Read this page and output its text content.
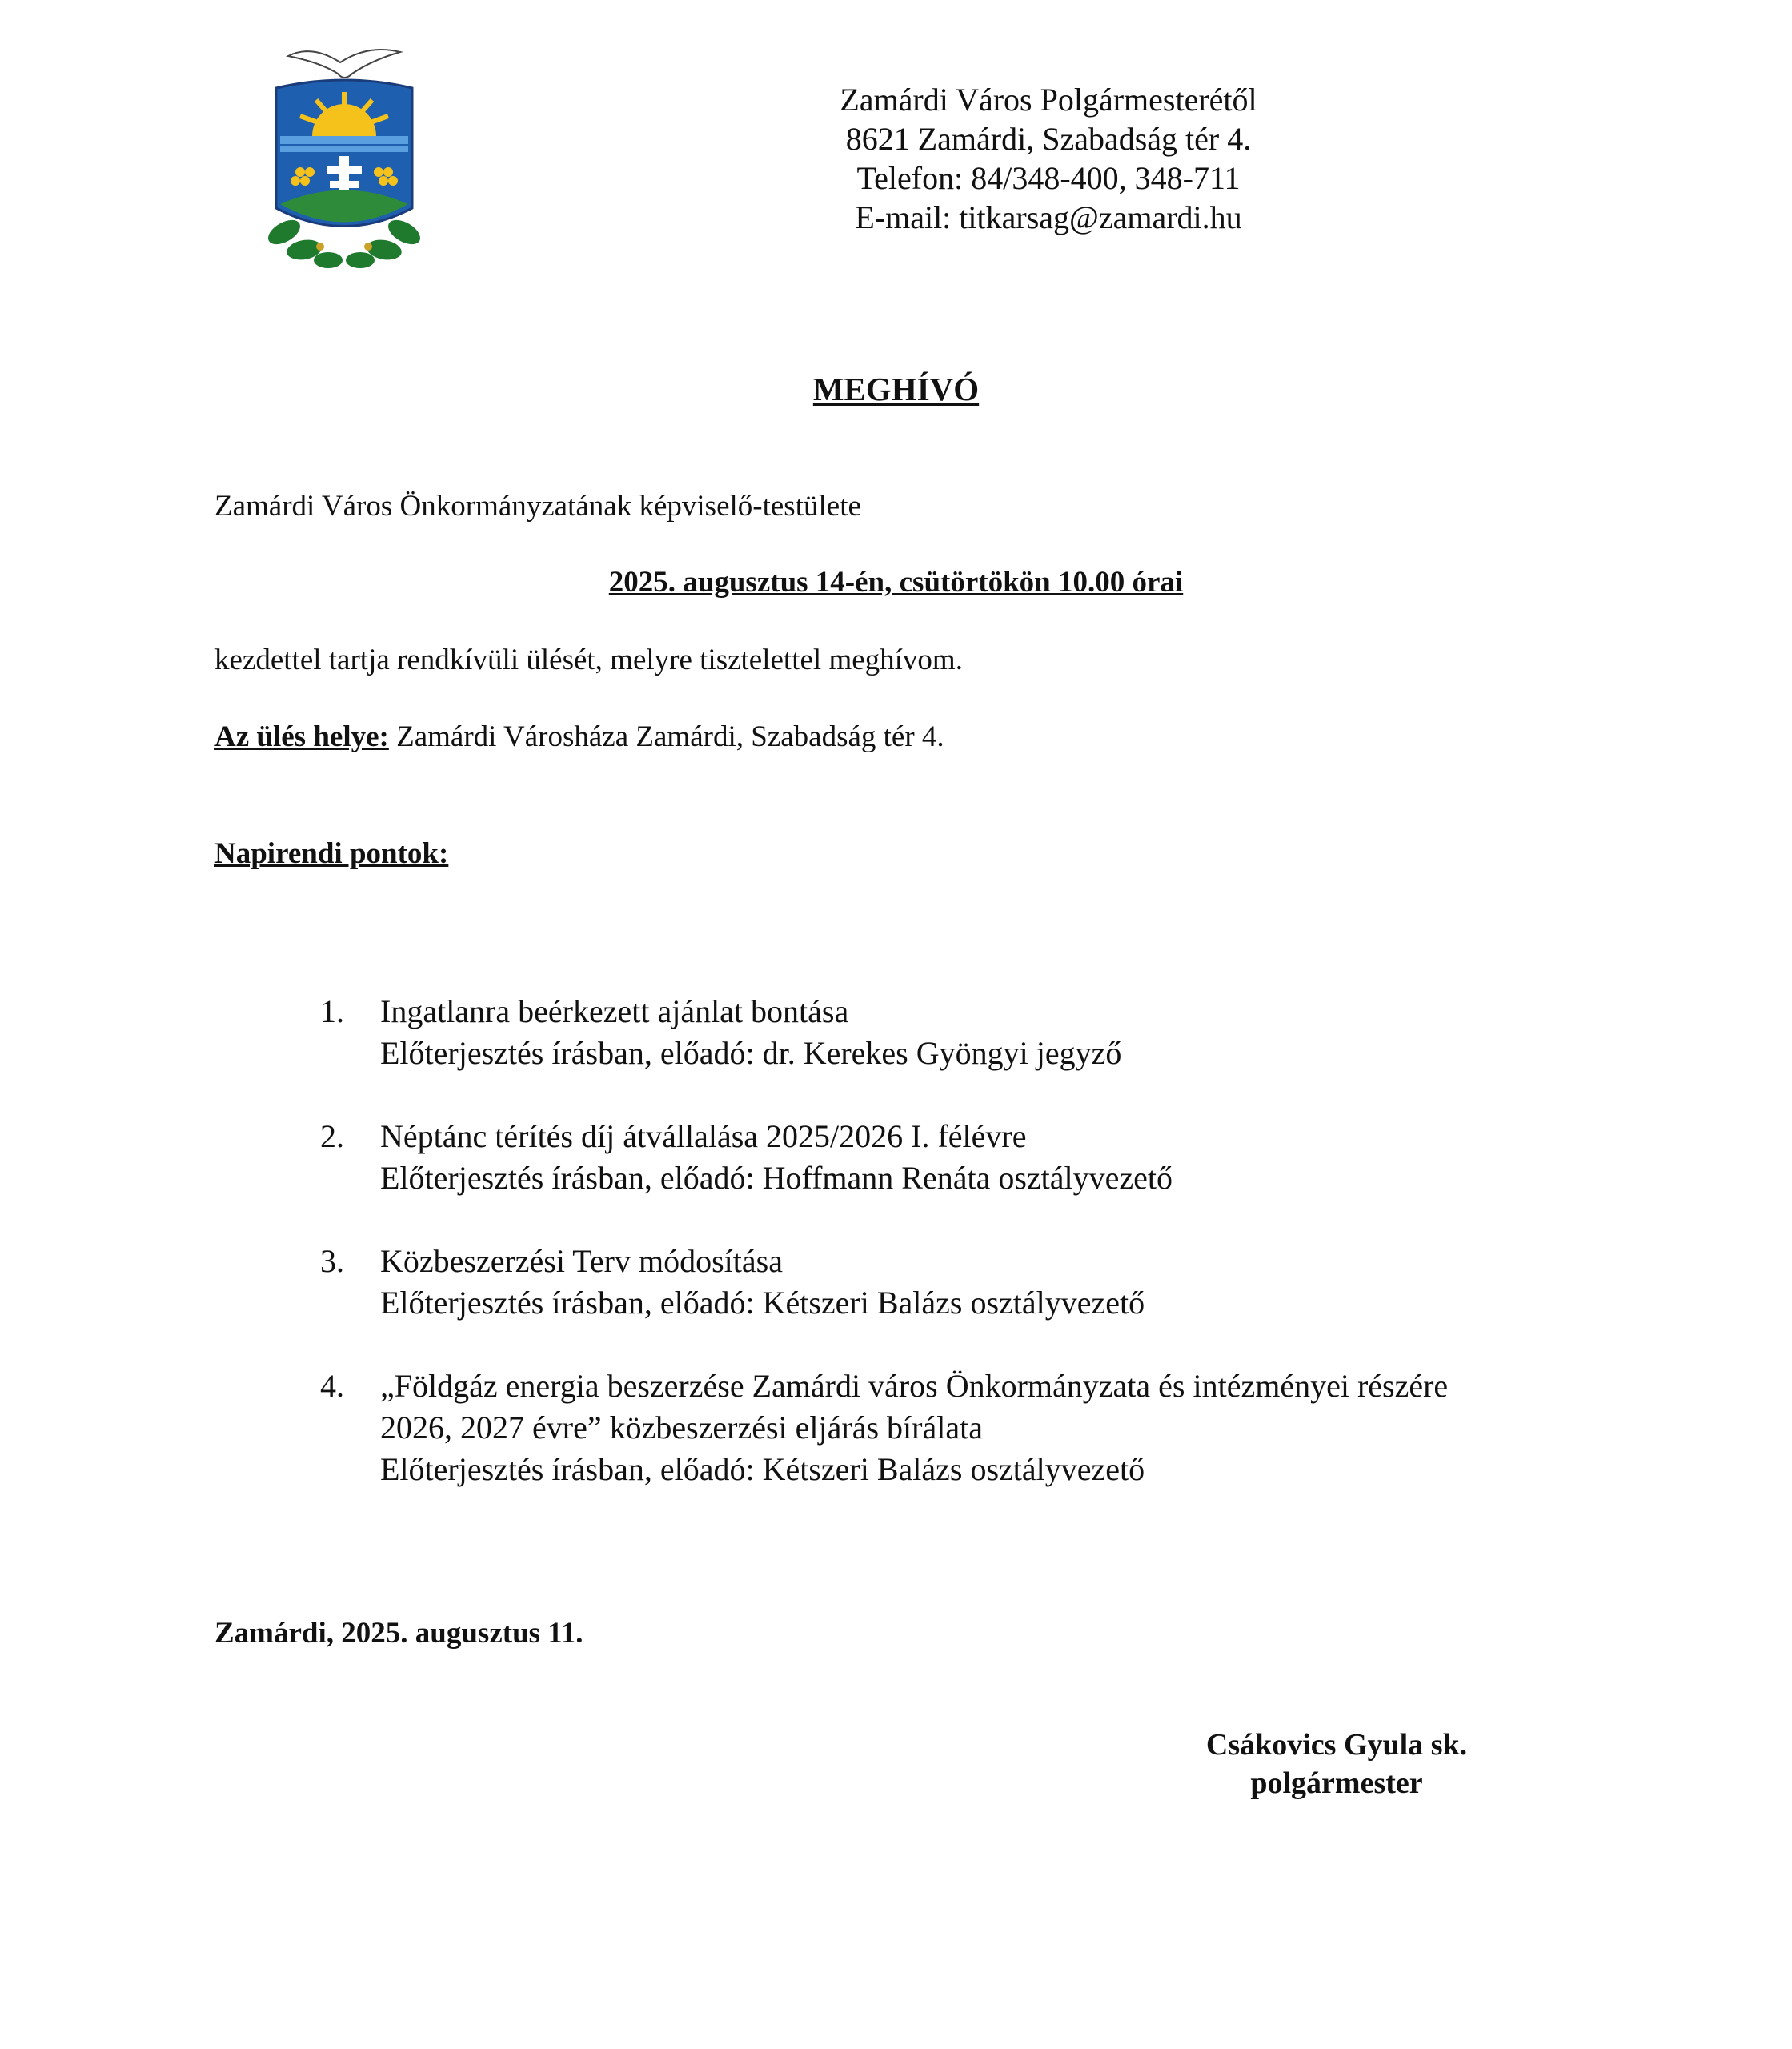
Zamárdi Város Polgármesterétől
8621 Zamárdi, Szabadság tér 4.
Telefon: 84/348-400, 348-711
E-mail: titkarsag@zamardi.hu
MEGHÍVÓ
Zamárdi Város Önkormányzatának képviselő-testülete
2025. augusztus 14-én, csütörtökön 10.00 órai
kezdettel tartja rendkívüli ülését, melyre tisztelettel meghívom.
Az ülés helye: Zamárdi Városháza Zamárdi, Szabadság tér 4.
Napirendi pontok:
1. Ingatlanra beérkezett ajánlat bontása
Előterjesztés írásban, előadó: dr. Kerekes Gyöngyi jegyző
2. Néptánc térítés díj átvállalása 2025/2026 I. félévre
Előterjesztés írásban, előadó: Hoffmann Renáta osztályvezető
3. Közbeszerzési Terv módosítása
Előterjesztés írásban, előadó: Kétszeri Balázs osztályvezető
4. „Földgáz energia beszerzése Zamárdi város Önkormányzata és intézményei részére
2026, 2027 évre” közbeszerzési eljárás bírálata
Előterjesztés írásban, előadó: Kétszeri Balázs osztályvezető
Zamárdi, 2025. augusztus 11.
Csákovics Gyula sk.
polgármester
